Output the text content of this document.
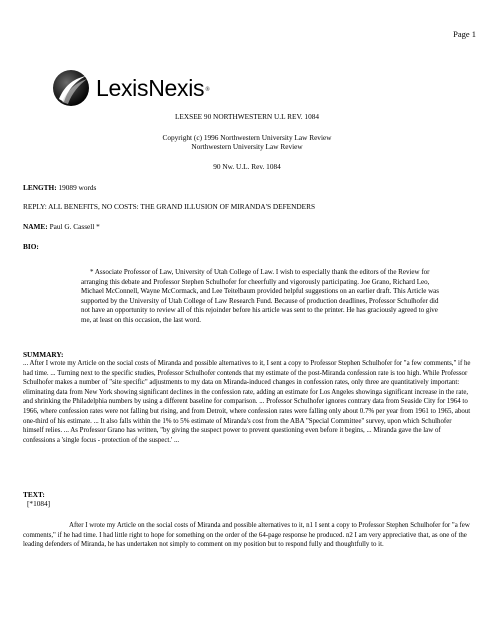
Page 1
LexisNexis ®
LEXSEE 90 NORTHWESTERN U.L REV. 1084
Copyright (c) 1996 Northwestern University Law Review
Northwestern University Law Review
90 Nw. U.L. Rev. 1084
LENGTH: 19089 words
REPLY: ALL BENEFITS, NO COSTS: THE GRAND ILLUSION OF MIRANDA'S DEFENDERS
NAME: Paul G. Cassell *
BIO:
* Associate Professor of Law, University of Utah College of Law. I wish to especially thank the editors of the Review for arranging this debate and Professor Stephen Schulhofer for cheerfully and vigorously participating. Joe Grano, Richard Leo, Michael McConnell, Wayne McCormack, and Lee Teitelbaum provided helpful suggestions on an earlier draft. This Article was supported by the University of Utah College of Law Research Fund. Because of production deadlines, Professor Schulhofer did not have an opportunity to review all of this rejoinder before his article was sent to the printer. He has graciously agreed to give me, at least on this occasion, the last word.
SUMMARY:
... After I wrote my Article on the social costs of Miranda and possible alternatives to it, I sent a copy to Professor Stephen Schulhofer for "a few comments," if he had time. ... Turning next to the specific studies, Professor Schulhofer contends that my estimate of the post-Miranda confession rate is too high. While Professor Schulhofer makes a number of "site specific" adjustments to my data on Miranda-induced changes in confession rates, only three are quantitatively important: eliminating data from New York showing significant declines in the confession rate, adding an estimate for Los Angeles showinga significant increase in the rate, and shrinking the Philadelphia numbers by using a different baseline for comparison. ... Professor Schulhofer ignores contrary data from Seaside City for 1964 to 1966, where confession rates were not falling but rising, and from Detroit, where confession rates were falling only about 0.7% per year from 1961 to 1965, about one-third of his estimate. ... It also falls within the 1% to 5% estimate of Miranda's cost from the ABA "Special Committee" survey, upon which Schulhofer himself relies. ... As Professor Grano has written, "by giving the suspect power to prevent questioning even before it begins, ... Miranda gave the law of confessions a 'single focus - protection of the suspect.' ...
TEXT:
[*1084]
After I wrote my Article on the social costs of Miranda and possible alternatives to it, n1 I sent a copy to Professor Stephen Schulhofer for "a few comments," if he had time. I had little right to hope for something on the order of the 64-page response he produced. n2 I am very appreciative that, as one of the leading defenders of Miranda, he has undertaken not simply to comment on my position but to respond fully and thoughtfully to it.
